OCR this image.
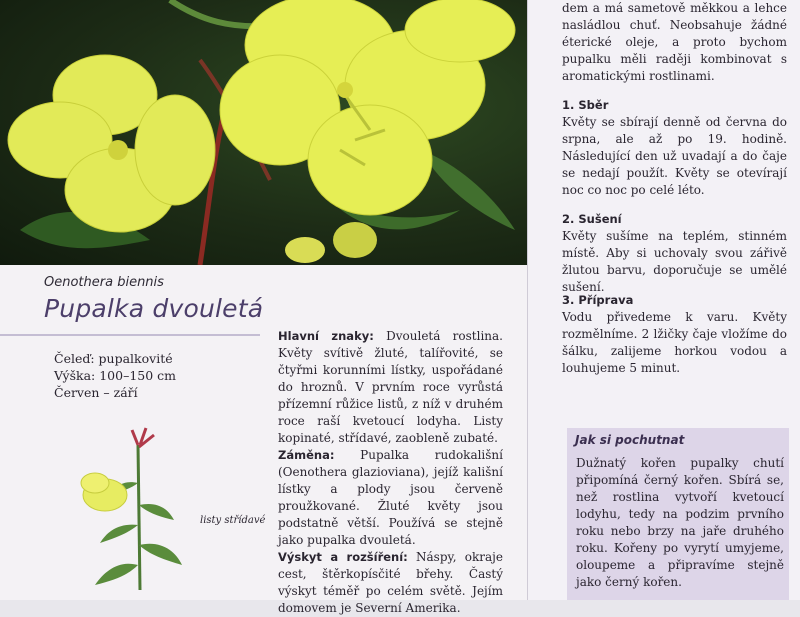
Oenothera biennis
Pupalka dvouletá
Čeleď: pupalkovité
Výška: 100–150 cm
Červen – září
listy střídavé
Hlavní znaky: Dvouletá rostlina. Květy svítivě žluté, talířovité, se čtyřmi korunními lístky, uspořádané do hroznů. V prvním roce vyrůstá přízemní růžice listů, z níž v druhém roce raší kvetoucí lodyha. Listy kopinaté, střídavé, zaobleně zubaté.
Záměna: Pupalka rudokališní (Oenothera glazioviana), jejíž kališní lístky a plody jsou červeně proužkované. Žluté květy jsou podstatně větší. Používá se stejně jako pupalka dvouletá.
Výskyt a rozšíření: Náspy, okraje cest, štěrkopísčité břehy. Častý výskyt téměř po celém světě. Jejím domovem je Severní Amerika.
dem a má sametově měkkou a lehce nasládlou chuť. Neobsahuje žádné éterické oleje, a proto bychom pupalku měli raději kombinovat s aromatickými rostlinami.
1. Sběr
Květy se sbírají denně od června do srpna, ale až po 19. hodině. Následující den už uvadají a do čaje se nedají použít. Květy se otevírají noc co noc po celé léto.
2. Sušení
Květy sušíme na teplém, stinném místě. Aby si uchovaly svou zářivě žlutou barvu, doporučuje se umělé sušení.
3. Příprava
Vodu přivedeme k varu. Květy rozmělníme. 2 lžičky čaje vložíme do šálku, zalijeme horkou vodou a louhujeme 5 minut.
Jak si pochutnat
Dužnatý kořen pupalky chutí připomíná černý kořen. Sbírá se, než rostlina vytvoří kvetoucí lodyhu, tedy na podzim prvního roku nebo brzy na jaře druhého roku. Kořeny po vyrytí umyjeme, oloupeme a připravíme stejně jako černý kořen.
